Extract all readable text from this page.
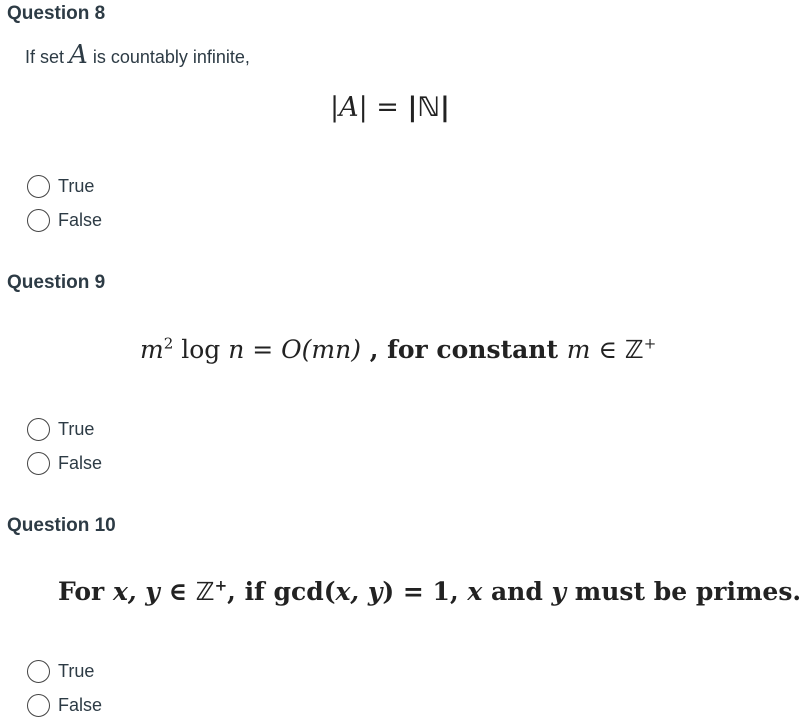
Question 8
If set A is countably infinite,
|A| = |ℕ|
True
False
Question 9
$m^2$ log n = O(mn) , for constant m ∈ ℤ+
True
False
Question 10
For x, y ∈ ℤ+, if gcd(x, y) = 1, x and y must be primes.
True
False
